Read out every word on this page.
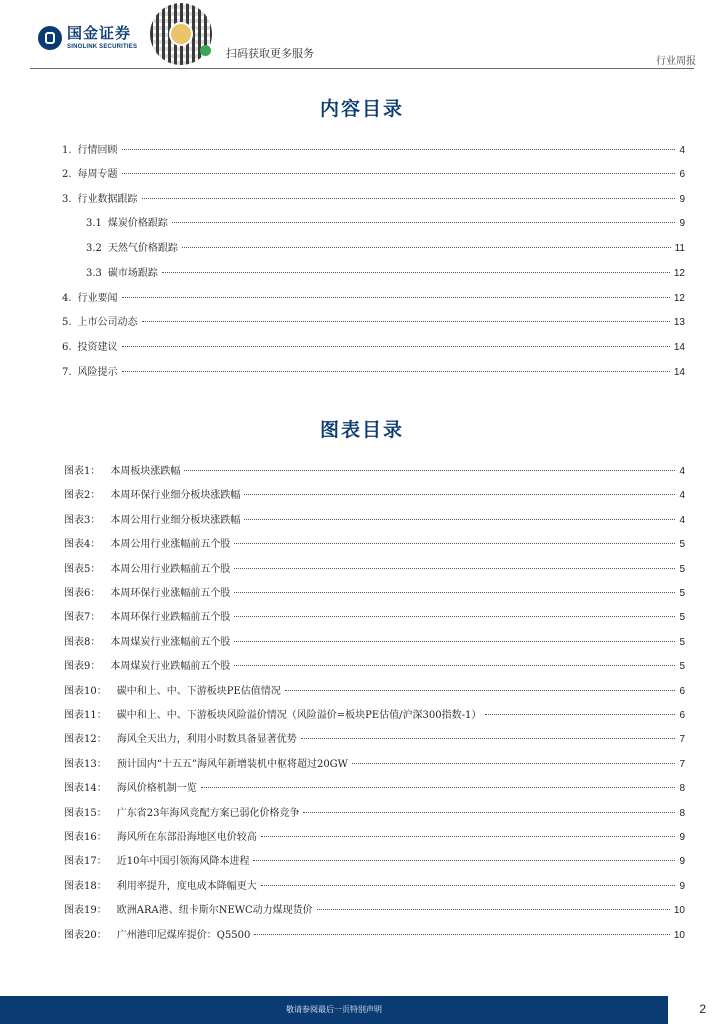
国金证券
SINOLINK SECURITIES	扫码获取更多服务
行业周报
内容目录
1. 行情回顾	4
2. 每周专题	6
3. 行业数据跟踪	9
3.1 煤炭价格跟踪	9
3.2 天然气价格跟踪	11
3.3 碳市场跟踪	12
4. 行业要闻	12
5. 上市公司动态	13
6. 投资建议	14
7. 风险提示	14
图表目录
图表1： 本周板块涨跌幅	4
图表2： 本周环保行业细分板块涨跌幅	4
图表3： 本周公用行业细分板块涨跌幅	4
图表4： 本周公用行业涨幅前五个股	5
图表5： 本周公用行业跌幅前五个股	5
图表6： 本周环保行业涨幅前五个股	5
图表7： 本周环保行业跌幅前五个股	5
图表8： 本周煤炭行业涨幅前五个股	5
图表9： 本周煤炭行业跌幅前五个股	5
图表10： 碳中和上、中、下游板块PE估值情况	6
图表11： 碳中和上、中、下游板块风险溢价情况（风险溢价=板块PE估值/沪深300指数-1）	6
图表12： 海风全天出力，利用小时数具备显著优势	7
图表13： 预计国内“十五五”海风年新增装机中枢将超过20GW	7
图表14： 海风价格机制一览	8
图表15： 广东省23年海风竞配方案已弱化价格竞争	8
图表16： 海风所在东部沿海地区电价较高	9
图表17： 近10年中国引领海风降本进程	9
图表18： 利用率提升，度电成本降幅更大	9
图表19： 欧洲ARA港、纽卡斯尔NEWC动力煤现货价	10
图表20： 广州港印尼煤库提价：Q5500	10
敬请参阅最后一页特别声明	2
